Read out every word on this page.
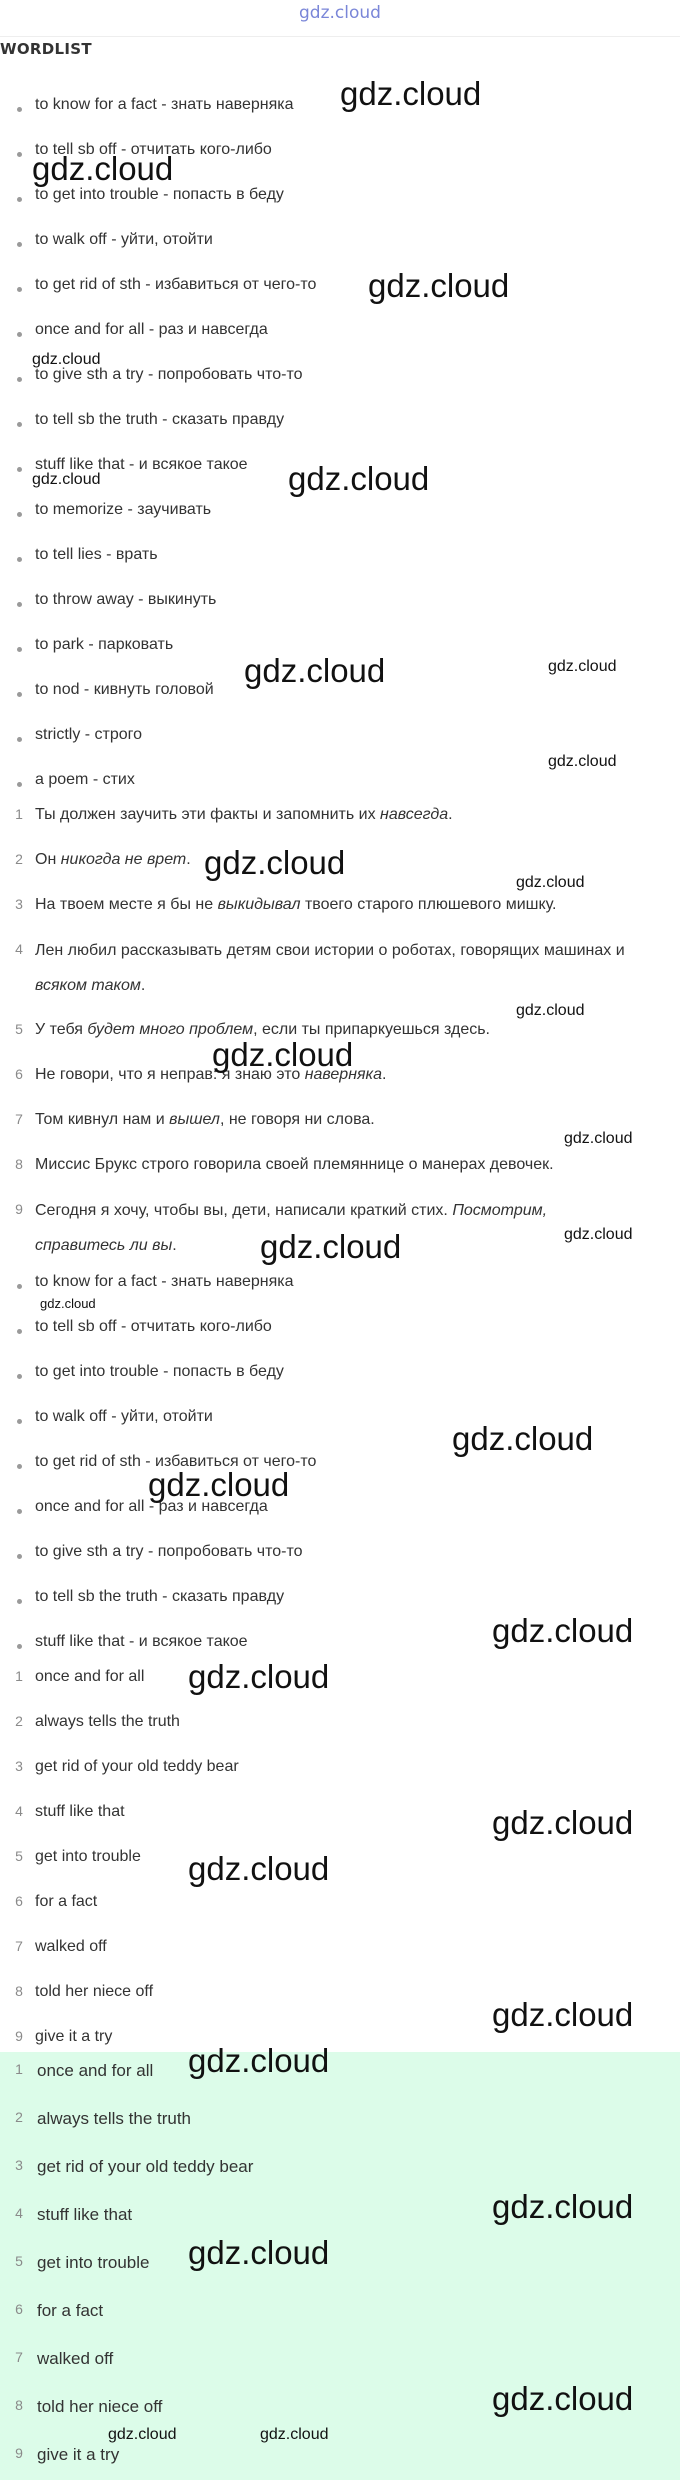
gdz.cloud
WORDLIST
to know for a fact - знать наверняка
to tell sb off - отчитать кого-либо
to get into trouble - попасть в беду
to walk off - уйти, отойти
to get rid of sth - избавиться от чего-то
once and for all - раз и навсегда
to give sth a try - попробовать что-то
to tell sb the truth - сказать правду
stuff like that - и всякое такое
to memorize - заучивать
to tell lies - врать
to throw away - выкинуть
to park - парковать
to nod - кивнуть головой
strictly - строго
a poem - стих
1 Ты должен заучить эти факты и запомнить их навсегда.
2 Он никогда не врет.
3 На твоем месте я бы не выкидывал твоего старого плюшевого мишку.
4 Лен любил рассказывать детям свои истории о роботах, говорящих машинах и всяком таком.
5 У тебя будет много проблем, если ты припаркуешься здесь.
6 Не говори, что я неправ: я знаю это наверняка.
7 Том кивнул нам и вышел, не говоря ни слова.
8 Миссис Брукс строго говорила своей племяннице о манерах девочек.
9 Сегодня я хочу, чтобы вы, дети, написали краткий стих. Посмотрим, справитесь ли вы.
to know for a fact - знать наверняка
to tell sb off - отчитать кого-либо
to get into trouble - попасть в беду
to walk off - уйти, отойти
to get rid of sth - избавиться от чего-то
once and for all - раз и навсегда
to give sth a try - попробовать что-то
to tell sb the truth - сказать правду
stuff like that - и всякое такое
1 once and for all
2 always tells the truth
3 get rid of your old teddy bear
4 stuff like that
5 get into trouble
6 for a fact
7 walked off
8 told her niece off
9 give it a try
1 once and for all
2 always tells the truth
3 get rid of your old teddy bear
4 stuff like that
5 get into trouble
6 for a fact
7 walked off
8 told her niece off
9 give it a try
gdz.cloud
gdz.cloud
gdz.cloud
gdz.cloud
gdz.cloud
gdz.cloud
gdz.cloud	gdz.cloud
gdz.cloud
gdz.cloud
gdz.cloud
gdz.cloud
gdz.cloud
gdz.cloud
gdz.cloud
gdz.cloud
gdz.cloud
gdz.cloud
gdz.cloud
gdz.cloud
gdz.cloud
gdz.cloud
gdz.cloud
gdz.cloud
gdz.cloud
gdz.cloud
gdz.cloud
gdz.cloud
gdz.cloud	gdz.cloud
